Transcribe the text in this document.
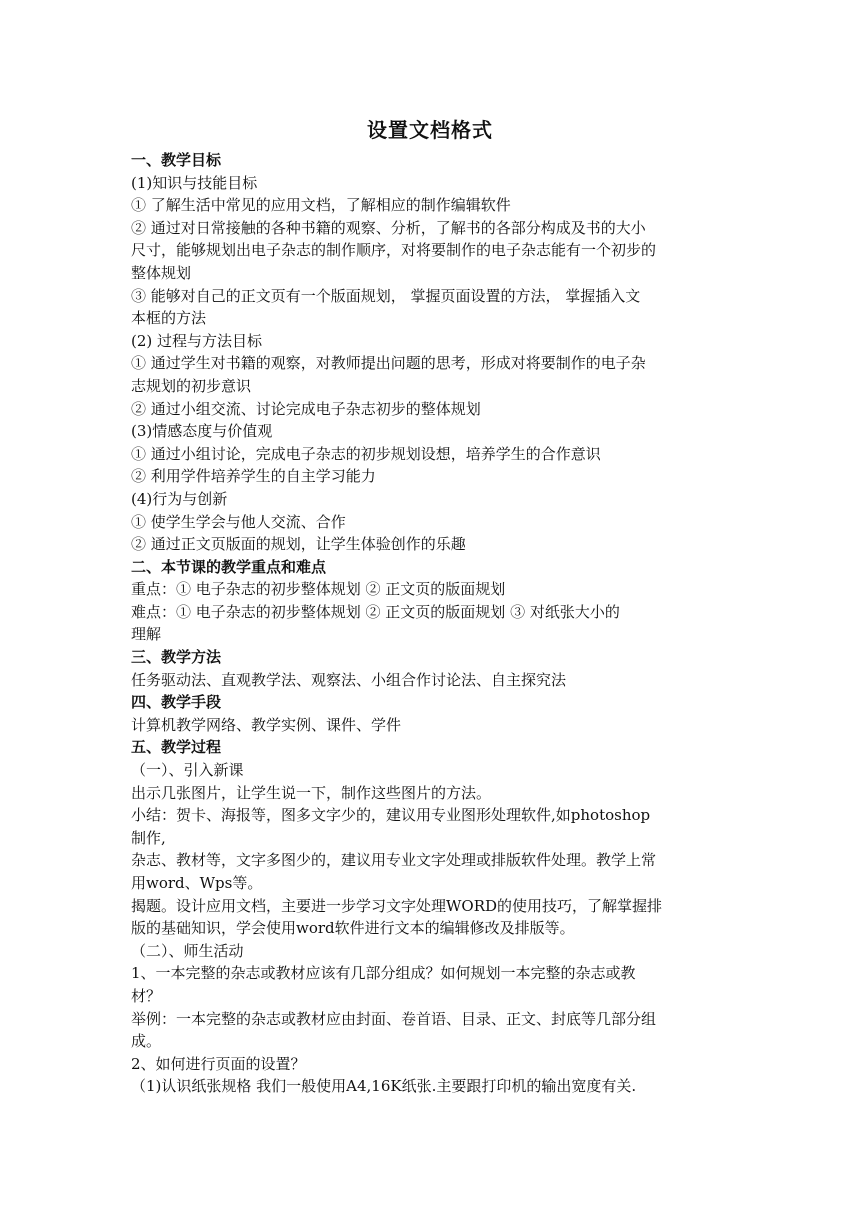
设置文档格式
一、教学目标
(1)知识与技能目标
① 了解生活中常见的应用文档，了解相应的制作编辑软件
② 通过对日常接触的各种书籍的观察、分析，了解书的各部分构成及书的大小
尺寸，能够规划出电子杂志的制作顺序，对将要制作的电子杂志能有一个初步的
整体规划
③ 能够对自己的正文页有一个版面规划， 掌握页面设置的方法， 掌握插入文
本框的方法
(2) 过程与方法目标
① 通过学生对书籍的观察，对教师提出问题的思考，形成对将要制作的电子杂
志规划的初步意识
② 通过小组交流、讨论完成电子杂志初步的整体规划
(3)情感态度与价值观
① 通过小组讨论，完成电子杂志的初步规划设想，培养学生的合作意识
② 利用学件培养学生的自主学习能力
(4)行为与创新
① 使学生学会与他人交流、合作
② 通过正文页版面的规划，让学生体验创作的乐趣
二、本节课的教学重点和难点
重点：① 电子杂志的初步整体规划 ② 正文页的版面规划
难点：① 电子杂志的初步整体规划 ② 正文页的版面规划 ③ 对纸张大小的
理解
三、教学方法
任务驱动法、直观教学法、观察法、小组合作讨论法、自主探究法
四、教学手段
计算机教学网络、教学实例、课件、学件
五、教学过程
（一）、引入新课
出示几张图片，让学生说一下，制作这些图片的方法。
小结：贺卡、海报等，图多文字少的，建议用专业图形处理软件,如photoshop
制作,
杂志、教材等，文字多图少的，建议用专业文字处理或排版软件处理。教学上常
用word、Wps等。
揭题。设计应用文档，主要进一步学习文字处理WORD的使用技巧，了解掌握排
版的基础知识，学会使用word软件进行文本的编辑修改及排版等。
（二）、师生活动
1、一本完整的杂志或教材应该有几部分组成？如何规划一本完整的杂志或教
材？
举例：一本完整的杂志或教材应由封面、卷首语、目录、正文、封底等几部分组
成。
2、如何进行页面的设置？
（1)认识纸张规格 我们一般使用A4,16K纸张.主要跟打印机的输出宽度有关.
